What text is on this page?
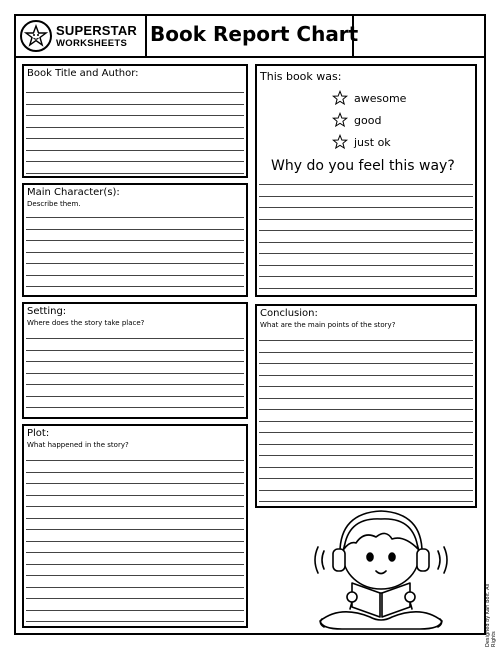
SUPERSTAR
WORKSHEETS Book Report Chart
Book Title and Author:
Main Character(s):
Describe them.
Setting:
Where does the story take place?
Plot:
What happened in the story?
This book was:
awesome
good
just ok
Why do you feel this way?
Conclusion:
What are the main points of the story?
Designed by Kari Bolt. All Rights
